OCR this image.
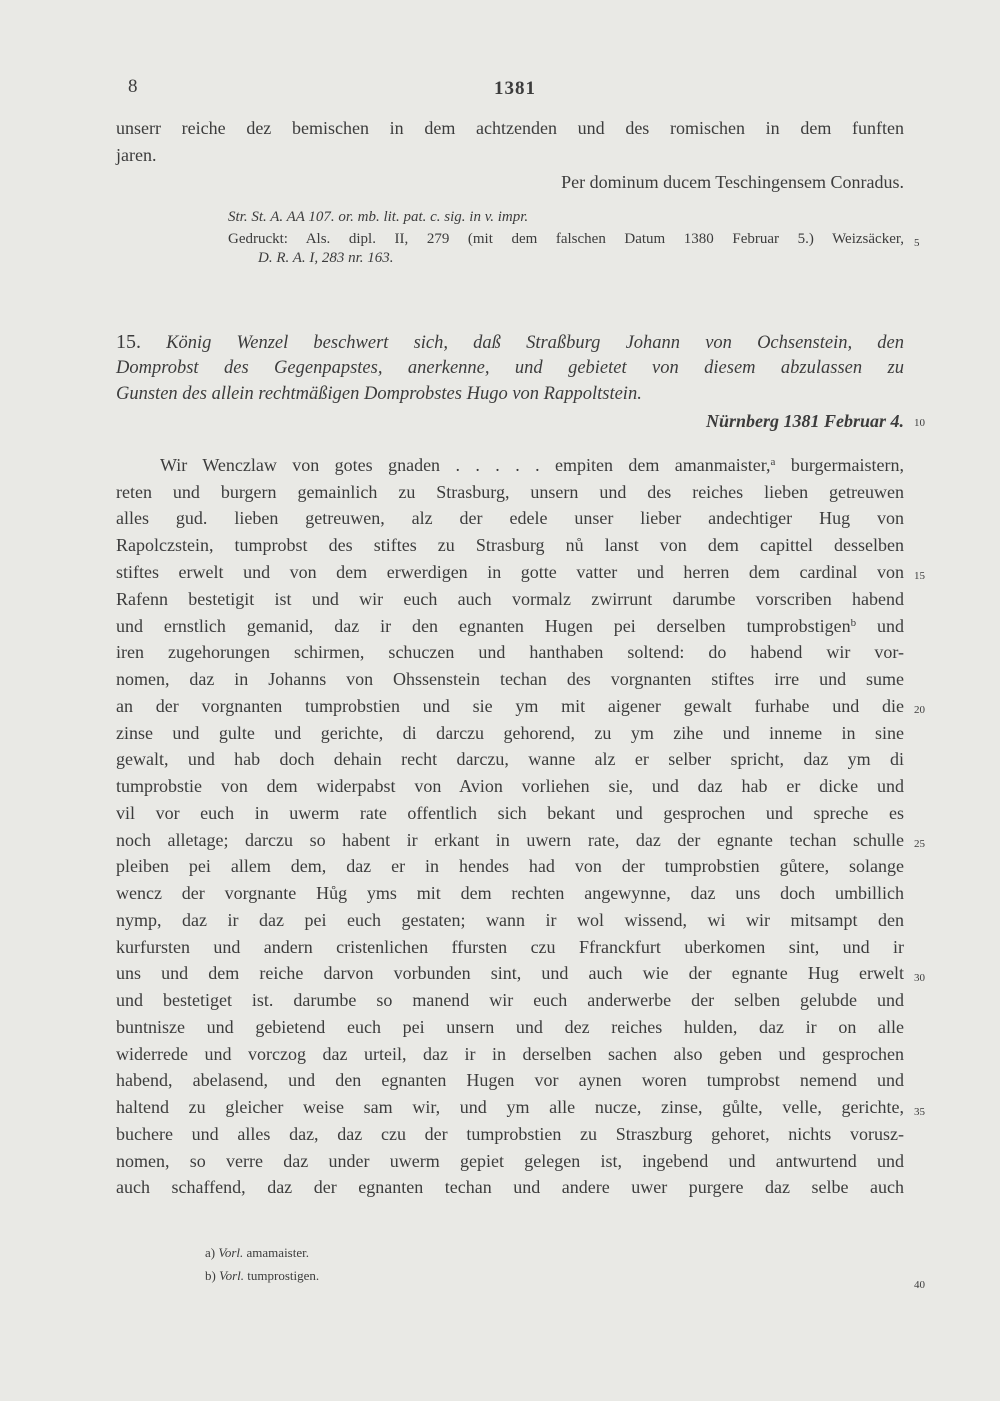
8	1381
unserr reiche dez bemischen in dem achtzenden und des romischen in dem funften
jaren.
Per dominum ducem Teschingensem Conradus.
Str. St. A. AA 107. or. mb. lit. pat. c. sig. in v. impr.
Gedruckt: Als. dipl. II, 279 (mit dem falschen Datum 1380 Februar 5.) Weizsäcker,
D. R. A. I, 283 nr. 163.
15. König Wenzel beschwert sich, daß Straßburg Johann von Ochsenstein, den
Domprobst des Gegenpapstes, anerkenne, und gebietet von diesem abzulassen zu
Gunsten des allein rechtmäßigen Domprobstes Hugo von Rappoltstein.
Nürnberg 1381 Februar 4.
Wir Wenczlaw von gotes gnaden . . . . . empiten dem amanmaister,$^a$ burgermaistern,
reten und burgern gemainlich zu Strasburg, unsern und des reiches lieben getreuwen
alles gud. lieben getreuwen, alz der edele unser lieber andechtiger Hug von
Rapolczstein, tumprobst des stiftes zu Strasburg nů lanst von dem capittel desselben
stiftes erwelt und von dem erwerdigen in gotte vatter und herren dem cardinal von
Rafenn bestetigit ist und wir euch auch vormalz zwirrunt darumbe vorscriben habend
und ernstlich gemanid, daz ir den egnanten Hugen pei derselben tumprobstigen$^b$ und
iren zugehorungen schirmen, schuczen und hanthaben soltend: do habend wir vor-
nomen, daz in Johanns von Ohssenstein techan des vorgnanten stiftes irre und sume
an der vorgnanten tumprobstien und sie ym mit aigener gewalt furhabe und die
zinse und gulte und gerichte, di darczu gehorend, zu ym zihe und inneme in sine
gewalt, und hab doch dehain recht darczu, wanne alz er selber spricht, daz ym di
tumprobstie von dem widerpabst von Avion vorliehen sie, und daz hab er dicke und
vil vor euch in uwerm rate offentlich sich bekant und gesprochen und spreche es
noch alletage; darczu so habent ir erkant in uwern rate, daz der egnante techan schulle
pleiben pei allem dem, daz er in hendes had von der tumprobstien gůtere, solange
wencz der vorgnante Hůg yms mit dem rechten angewynne, daz uns doch umbillich
nymp, daz ir daz pei euch gestaten; wann ir wol wissend, wi wir mitsampt den
kurfursten und andern cristenlichen ffursten czu Ffranckfurt uberkomen sint, und ir
uns und dem reiche darvon vorbunden sint, und auch wie der egnante Hug erwelt
und bestetiget ist. darumbe so manend wir euch anderwerbe der selben gelubde und
buntnisze und gebietend euch pei unsern und dez reiches hulden, daz ir on alle
widerrede und vorczog daz urteil, daz ir in derselben sachen also geben und gesprochen
habend, abelasend, und den egnanten Hugen vor aynen woren tumprobst nemend und
haltend zu gleicher weise sam wir, und ym alle nucze, zinse, gůlte, velle, gerichte,
buchere und alles daz, daz czu der tumprobstien zu Straszburg gehoret, nichts vorusz-
nomen, so verre daz under uwerm gepiet gelegen ist, ingebend und antwurtend und
auch schaffend, daz der egnanten techan und andere uwer purgere daz selbe auch
5
10
15
20
25
30
35
40
a) Vorl. amamaister.
b) Vorl. tumprostigen.
